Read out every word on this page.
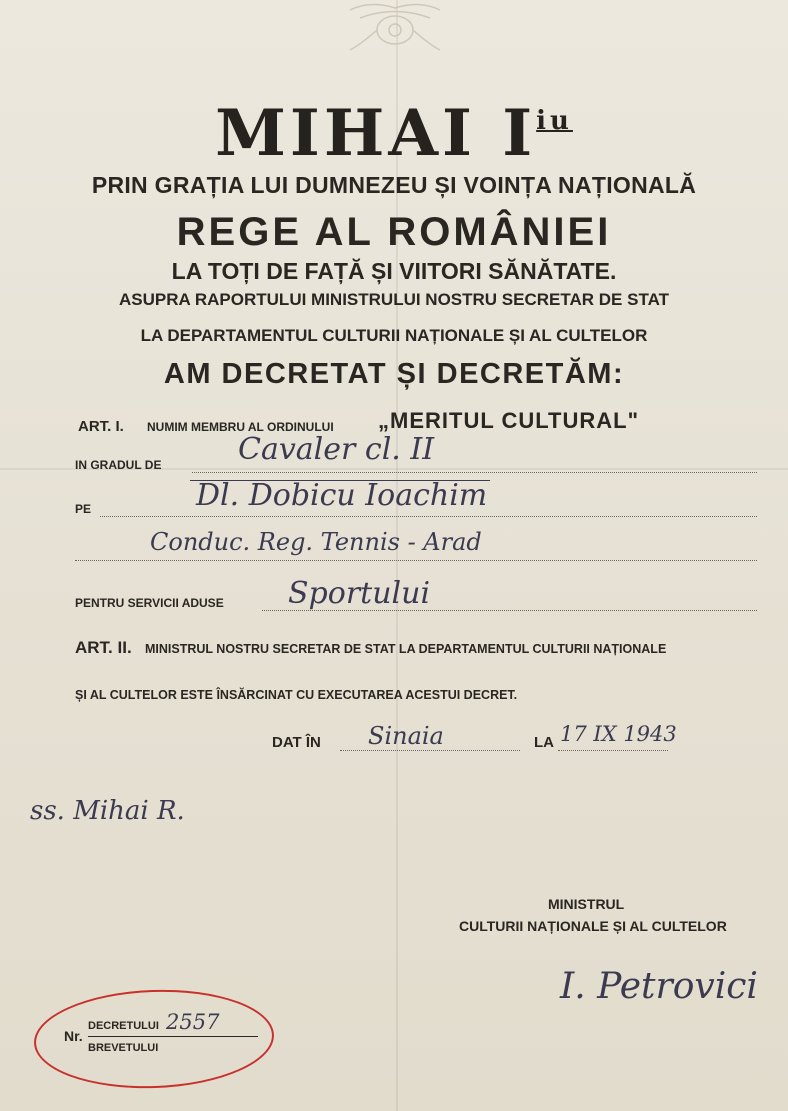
MIHAI $I^{iu}$
PRIN GRAȚIA LUI DUMNEZEU ȘI VOINȚA NAȚIONALĂ
REGE AL ROMÂNIEI
LA TOȚI DE FAȚĂ ȘI VIITORI SĂNĂTATE.
ASUPRA RAPORTULUI MINISTRULUI NOSTRU SECRETAR DE STAT
LA DEPARTAMENTUL CULTURII NAȚIONALE ȘI AL CULTELOR
AM DECRETAT ȘI DECRETĂM:
ART. I. NUMIM MEMBRU AL ORDINULUI „MERITUL CULTURAL"
IN GRADUL DE	Cavaler cl. II
PE	Dl. Dobicu Ioachim
Conduc. Reg. Tennis - Arad
PENTRU SERVICII ADUSE Sportului
ART. II. MINISTRUL NOSTRU SECRETAR DE STAT LA DEPARTAMENTUL CULTURII NAȚIONALE
ȘI AL CULTELOR ESTE ÎNSĂRCINAT CU EXECUTAREA ACESTUI DECRET.
DAT ÎN Sinaia	LA 17 IX 1943
ss. Mihai R.
MINISTRUL
CULTURII NAȚIONALE ȘI AL CULTELOR
I. Petrovici
Nr.
DECRETULUI 2557
BREVETULUI
